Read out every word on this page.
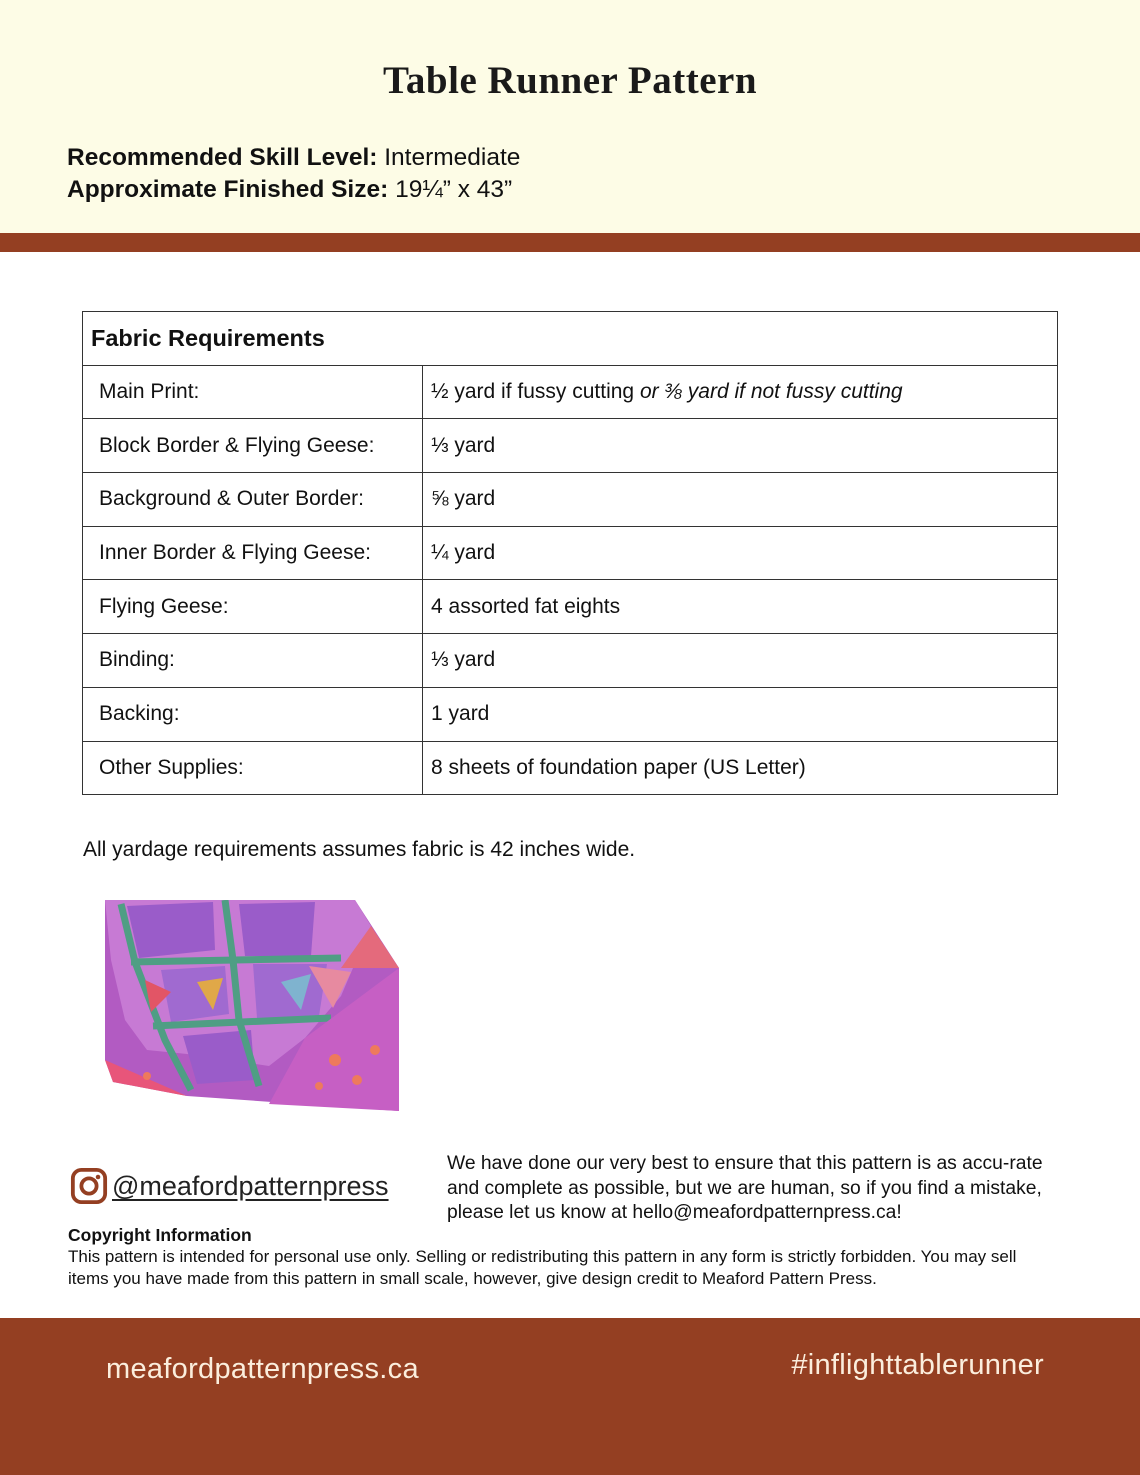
Table Runner Pattern
Recommended Skill Level: Intermediate
Approximate Finished Size: 19¼” x 43”
Fabric Requirements	
Main Print:	½ yard if fussy cutting or ⅜ yard if not fussy cutting
Block Border & Flying Geese:	⅓ yard
Background & Outer Border:	⅝ yard
Inner Border & Flying Geese:	¼ yard
Flying Geese:	4 assorted fat eights
Binding:	⅓ yard
Backing:	1 yard
Other Supplies:	8 sheets of foundation paper (US Letter)

All yardage requirements assumes fabric is 42 inches wide.

@meafordpatternpress

We have done our very best to ensure that this pattern is as accu-rate and complete as possible, but we are human, so if you find a mistake, please let us know at hello@meafordpatternpress.ca!

Copyright Information

This pattern is intended for personal use only. Selling or redistributing this pattern in any form is strictly forbidden. You may sell items you have made from this pattern in small scale, however, give design credit to Meaford Pattern Press.

meafordpatternpress.ca	#inflighttablerunner
